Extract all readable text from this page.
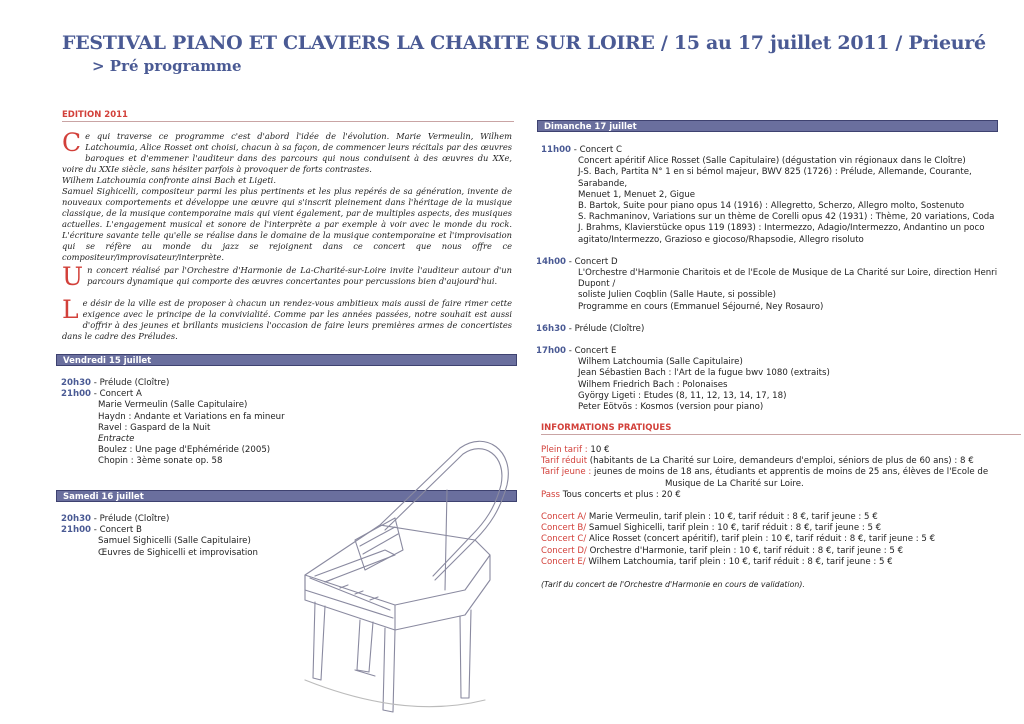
FESTIVAL PIANO ET CLAVIERS LA CHARITE SUR LOIRE / 15 au 17 juillet 2011 / Prieuré
> Pré programme
EDITION 2011
C e qui traverse ce programme c'est d'abord l'idée de l'évolution. Marie Vermeulin, Wilhem Latchoumia, Alice Rosset ont choisi, chacun à sa façon, de commencer leurs récitals par des œuvres baroques et d'emmener l'auditeur dans des parcours qui nous conduisent à des œuvres du XXe, voire du XXIe siècle, sans hésiter parfois à provoquer de forts contrastes.
Wilhem Latchoumia confronte ainsi Bach et Ligeti.
Samuel Sighicelli, compositeur parmi les plus pertinents et les plus repérés de sa génération, invente de nouveaux comportements et développe une œuvre qui s'inscrit pleinement dans l'héritage de la musique classique, de la musique contemporaine mais qui vient également, par de multiples aspects, des musiques actuelles. L'engagement musical et sonore de l'interprète a par exemple à voir avec le monde du rock. L'écriture savante telle qu'elle se réalise dans le domaine de la musique contemporaine et l'improvisation qui se réfère au monde du jazz se rejoignent dans ce concert que nous offre ce compositeur/improvisateur/interprète.
U n concert réalisé par l'Orchestre d'Harmonie de La-Charité-sur-Loire invite l'auditeur autour d'un parcours dynamique qui comporte des œuvres concertantes pour percussions bien d'aujourd'hui.
L e désir de la ville est de proposer à chacun un rendez-vous ambitieux mais aussi de faire rimer cette exigence avec le principe de la convivialité. Comme par les années passées, notre souhait est aussi d'offrir à des jeunes et brillants musiciens l'occasion de faire leurs premières armes de concertistes dans le cadre des Préludes.
Vendredi 15 juillet
20h30 - Prélude (Cloître)
21h00 - Concert A
Marie Vermeulin (Salle Capitulaire)
Haydn : Andante et Variations en fa mineur
Ravel : Gaspard de la Nuit
Entracte
Boulez : Une page d'Ephéméride (2005)
Chopin : 3ème sonate op. 58
Samedi 16 juillet
20h30 - Prélude (Cloître)
21h00 - Concert B
Samuel Sighicelli (Salle Capitulaire)
Œuvres de Sighicelli et improvisation
Dimanche 17 juillet
11h00 - Concert C
Concert apéritif Alice Rosset (Salle Capitulaire) (dégustation vin régionaux dans le Cloître)
J-S. Bach, Partita N° 1 en si bémol majeur, BWV 825 (1726) : Prélude, Allemande, Courante, Sarabande,
Menuet 1, Menuet 2, Gigue
B. Bartok, Suite pour piano opus 14 (1916) : Allegretto, Scherzo, Allegro molto, Sostenuto
S. Rachmaninov, Variations sur un thème de Corelli opus 42 (1931) : Thème, 20 variations, Coda
J. Brahms, Klavierstücke opus 119 (1893) : Intermezzo, Adagio/Intermezzo, Andantino un poco
agitato/Intermezzo, Grazioso e giocoso/Rhapsodie, Allegro risoluto
14h00 - Concert D
L'Orchestre d'Harmonie Charitois et de l'Ecole de Musique de La Charité sur Loire, direction Henri Dupont /
soliste Julien Coqblin (Salle Haute, si possible)
Programme en cours (Emmanuel Séjourné, Ney Rosauro)
16h30 - Prélude (Cloître)
17h00 - Concert E
Wilhem Latchoumia (Salle Capitulaire)
Jean Sébastien Bach : l'Art de la fugue bwv 1080 (extraits)
Wilhem Friedrich Bach : Polonaises
György Ligeti : Etudes (8, 11, 12, 13, 14, 17, 18)
Peter Eötvös : Kosmos (version pour piano)
INFORMATIONS PRATIQUES
Plein tarif : 10 €
Tarif réduit (habitants de La Charité sur Loire, demandeurs d'emploi, séniors de plus de 60 ans) : 8 €
Tarif jeune : jeunes de moins de 18 ans, étudiants et apprentis de moins de 25 ans, élèves de l'Ecole de
Musique de La Charité sur Loire.
Pass Tous concerts et plus : 20 €
Concert A/ Marie Vermeulin, tarif plein : 10 €, tarif réduit : 8 €, tarif jeune : 5 €
Concert B/ Samuel Sighicelli, tarif plein : 10 €, tarif réduit : 8 €, tarif jeune : 5 €
Concert C/ Alice Rosset (concert apéritif), tarif plein : 10 €, tarif réduit : 8 €, tarif jeune : 5 €
Concert D/ Orchestre d'Harmonie, tarif plein : 10 €, tarif réduit : 8 €, tarif jeune : 5 €
Concert E/ Wilhem Latchoumia, tarif plein : 10 €, tarif réduit : 8 €, tarif jeune : 5 €
(Tarif du concert de l'Orchestre d'Harmonie en cours de validation).
